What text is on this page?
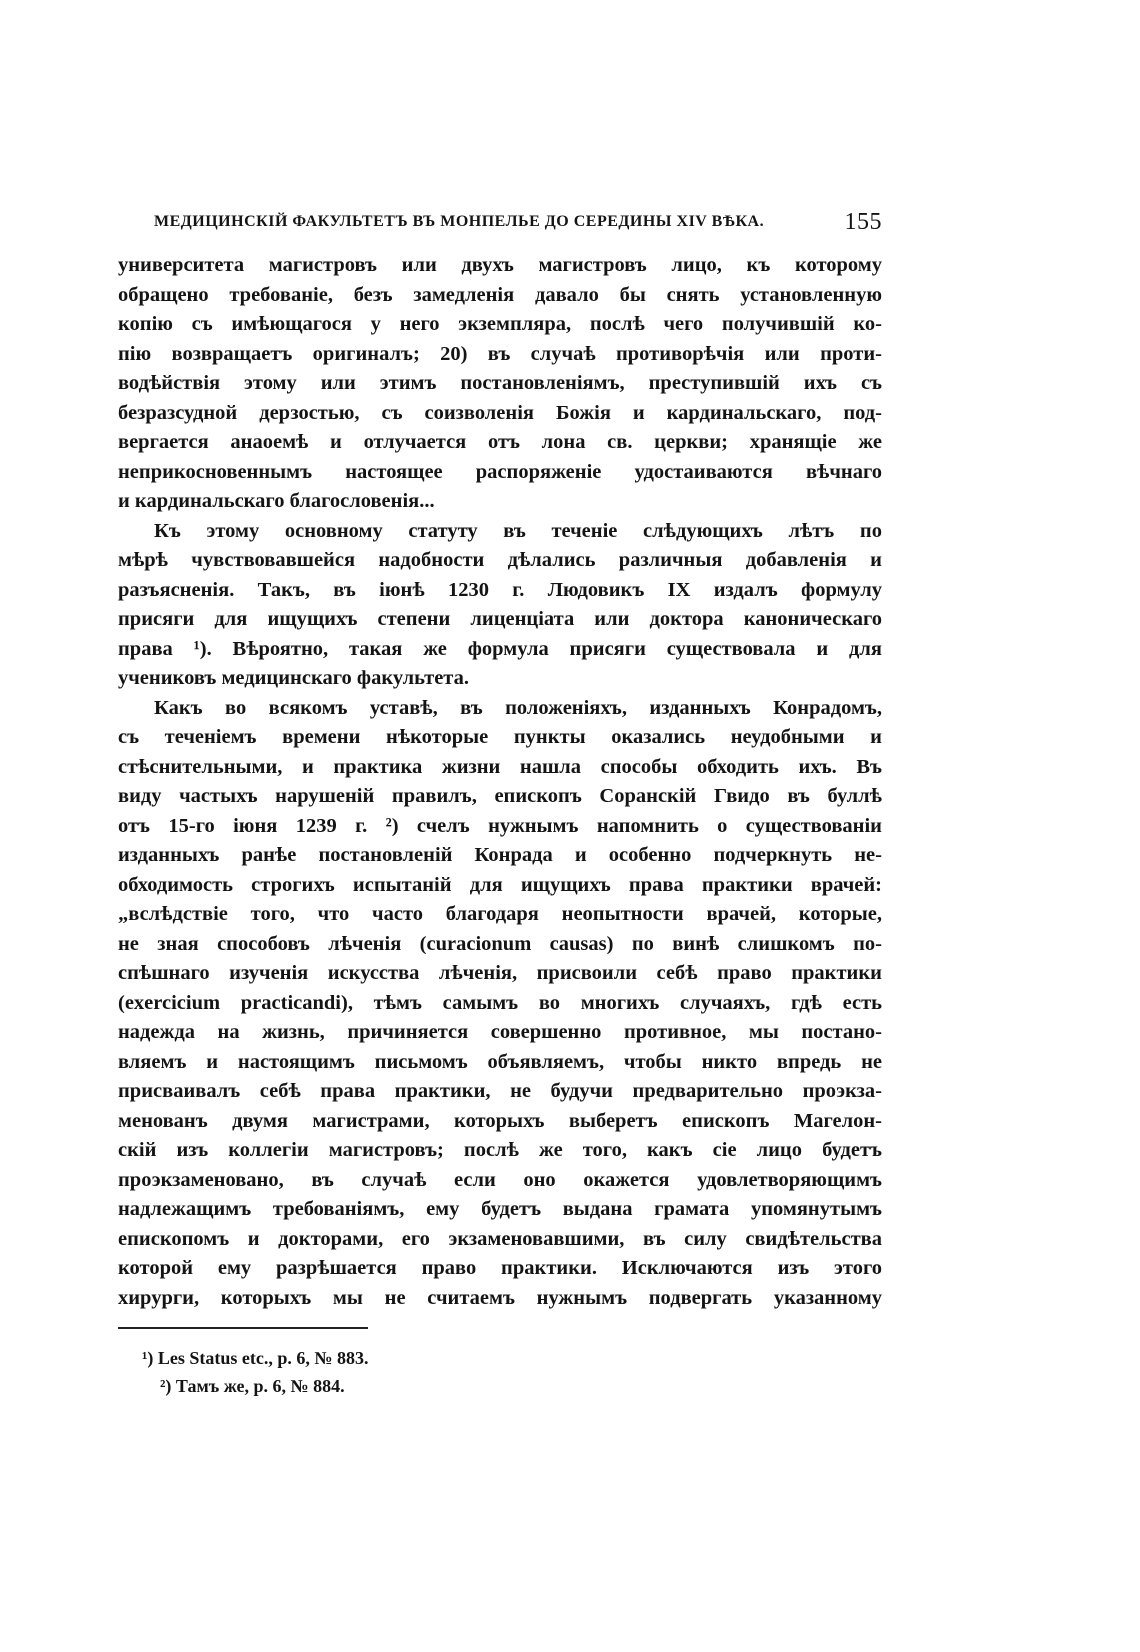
МЕДИЦИНСКІЙ ФАКУЛЬТЕТЪ ВЪ МОНПЕЛЬЕ ДО СЕРЕДИНЫ XIV ВѢКА.	155
университета магистровъ или двухъ магистровъ лицо, къ которому
обращено требованіе, безъ замедленія давало бы снять установленную
копію съ имѣющагося у него экземпляра, послѣ чего получившій ко-
пію возвращаетъ оригиналъ; 20) въ случаѣ противорѣчія или проти-
водѣйствія этому или этимъ постановленіямъ, преступившій ихъ съ
безразсудной дерзостью, съ соизволенія Божія и кардинальскаго, под-
вергается анаоемѣ и отлучается отъ лона св. церкви; хранящіе же
неприкосновеннымъ настоящее распоряженіе удостаиваются вѣчнаго
и кардинальскаго благословенія...
Къ этому основному статуту въ теченіе слѣдующихъ лѣтъ по
мѣрѣ чувствовавшейся надобности дѣлались различныя добавленія и
разъясненія. Такъ, въ іюнѣ 1230 г. Людовикъ IX издалъ формулу
присяги для ищущихъ степени лиценціата или доктора каноническаго
права ¹). Вѣроятно, такая же формула присяги существовала и для
учениковъ медицинскаго факультета.
Какъ во всякомъ уставѣ, въ положеніяхъ, изданныхъ Конрадомъ,
съ теченіемъ времени нѣкоторые пункты оказались неудобными и
стѣснительными, и практика жизни нашла способы обходить ихъ. Въ
виду частыхъ нарушеній правилъ, епископъ Соранскій Гвидо въ буллѣ
отъ 15-го іюня 1239 г. ²) счелъ нужнымъ напомнить о существованіи
изданныхъ ранѣе постановленій Конрада и особенно подчеркнуть не-
обходимость строгихъ испытаній для ищущихъ права практики врачей:
„вслѣдствіе того, что часто благодаря неопытности врачей, которые,
не зная способовъ лѣченія (curacionum causas) по винѣ слишкомъ по-
спѣшнаго изученія искусства лѣченія, присвоили себѣ право практики
(exercicium practicandi), тѣмъ самымъ во многихъ случаяхъ, гдѣ есть
надежда на жизнь, причиняется совершенно противное, мы постано-
вляемъ и настоящимъ письмомъ объявляемъ, чтобы никто впредь не
присваивалъ себѣ права практики, не будучи предварительно проэкза-
менованъ двумя магистрами, которыхъ выберетъ епископъ Магелон-
скій изъ коллегіи магистровъ; послѣ же того, какъ сіе лицо будетъ
проэкзаменовано, въ случаѣ если оно окажется удовлетворяющимъ
надлежащимъ требованіямъ, ему будетъ выдана грамата упомянутымъ
епископомъ и докторами, его экзаменовавшими, въ силу свидѣтельства
которой ему разрѣшается право практики. Исключаются изъ этого
хирурги, которыхъ мы не считаемъ нужнымъ подвергать указанному
¹) Les Status etc., p. 6, № 883.
²) Тамъ же, p. 6, № 884.
